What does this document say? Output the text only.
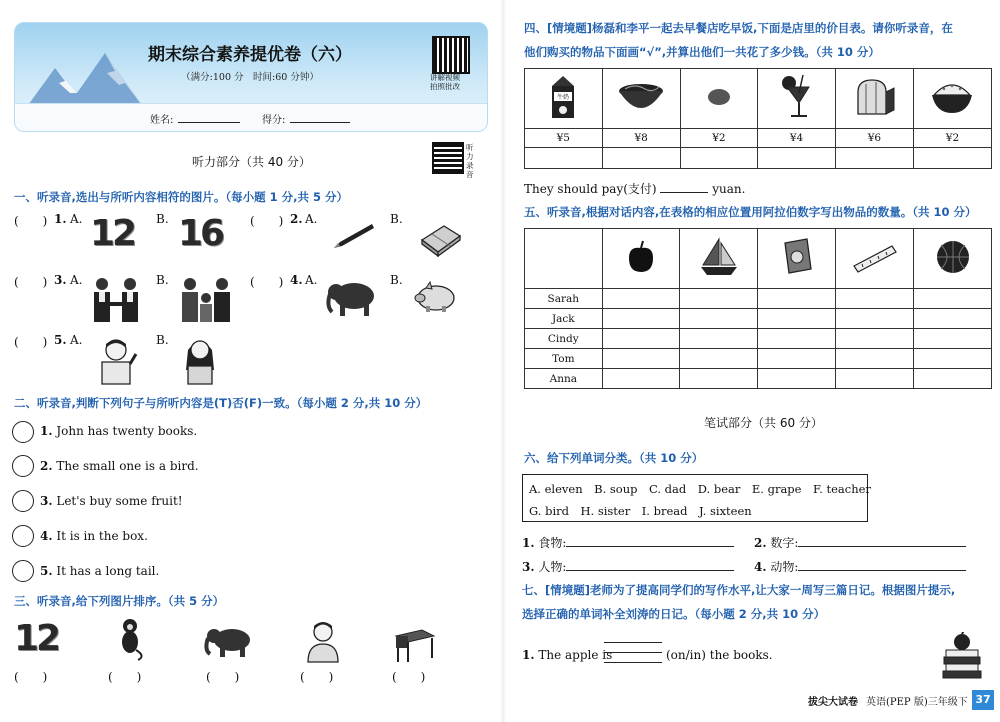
期末综合素养提优卷（六）
（满分:100 分　时间:60 分钟）	讲解视频
拍照批改
姓名:	得分:
听力部分（共 40 分）
听力
录音
一、听录音,选出与所听内容相符的图片。（每小题 1 分,共 5 分）
(　　) 1. A. 12 B. 16 (　　) 2. A.	B.
(　　) 3. A.	B.	(　　) 4. A.	B.
(　　) 5. A.	B.
二、听录音,判断下列句子与所听内容是(T)否(F)一致。（每小题 2 分,共 10 分）
1. John has twenty books.
2. The small one is a bird.
3. Let's buy some fruit!
4. It is in the box.
5. It has a long tail.
三、听录音,给下列图片排序。（共 5 分）
12
(　　)	(　　)	(　　)	(　　)	(　　)
四、[情境题]杨磊和李平一起去早餐店吃早饭,下面是店里的价目表。请你听录音，在
他们购买的物品下面画“√”,并算出他们一共花了多少钱。（共 10 分）
牛奶

¥5	¥8	¥2	¥4	¥6	¥2

They should pay(支付)	yuan.
五、听录音,根据对话内容,在表格的相应位置用阿拉伯数字写出物品的数量。（共 10 分）

Sarah					
Jack					
Cindy					
Tom					
Anna					
笔试部分（共 60 分）
六、给下列单词分类。（共 10 分）
A. eleven　B. soup　C. dad　D. bear　E. grape　F. teacher
G. bird　H. sister　I. bread　J. sixteen
1. 食物:	2. 数字:
3. 人物:	4. 动物:
七、[情境题]老师为了提高同学们的写作水平,让大家一周写三篇日记。根据图片提示,
选择正确的单词补全刘涛的日记。（每小题 2 分,共 10 分）
1. The apple is	(on/in) the books.
拔尖大试卷 英语(PEP 版)三年级下 37
